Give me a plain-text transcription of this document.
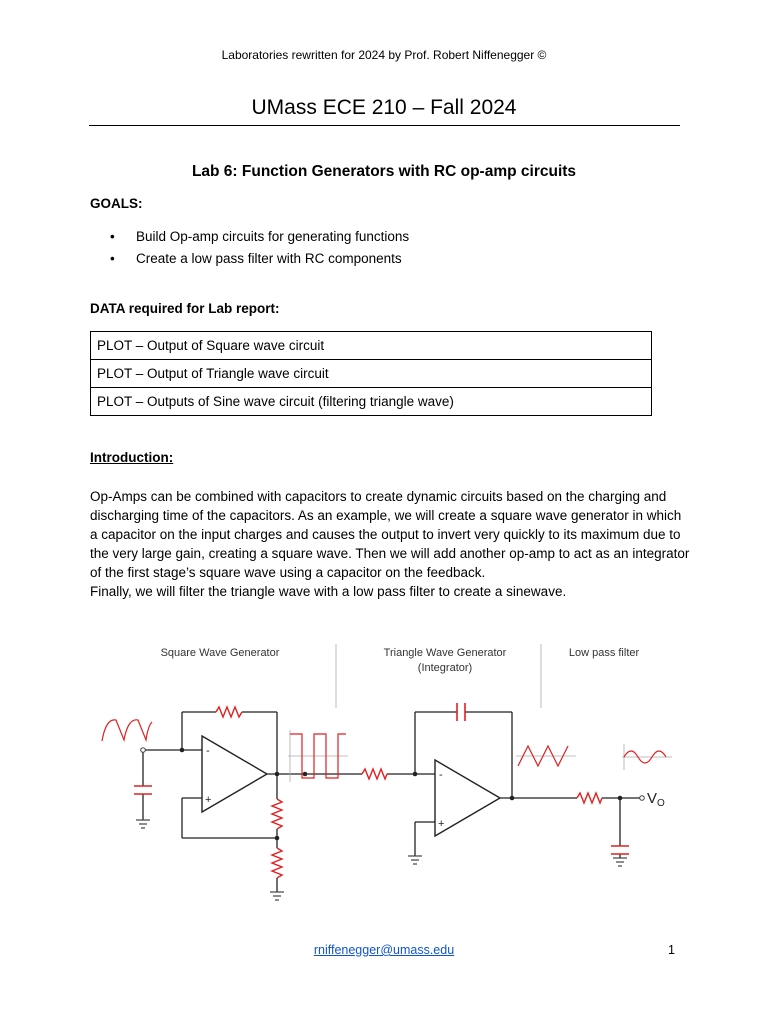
Laboratories rewritten for 2024 by Prof. Robert Niffenegger ©
UMass ECE 210 – Fall 2024
Lab 6: Function Generators with RC op-amp circuits
GOALS:
• Build Op-amp circuits for generating functions
• Create a low pass filter with RC components
DATA required for Lab report:
PLOT – Output of Square wave circuit
PLOT – Output of Triangle wave circuit
PLOT – Outputs of Sine wave circuit (filtering triangle wave)
Introduction:

Op-Amps can be combined with capacitors to create dynamic circuits based on the charging and discharging time of the capacitors. As an example, we will create a square wave generator in which a capacitor on the input charges and causes the output to invert very quickly to its maximum due to the very large gain, creating a square wave. Then we will add another op-amp to act as an integrator of the first stage’s square wave using a capacitor on the feedback.

Finally, we will filter the triangle wave with a low pass filter to create a sinewave.

Square Wave Generator	Triangle Wave Generator
(Integrator)
Low pass filter
-
+
-
+
V O
rniffenegger@umass.edu	1
